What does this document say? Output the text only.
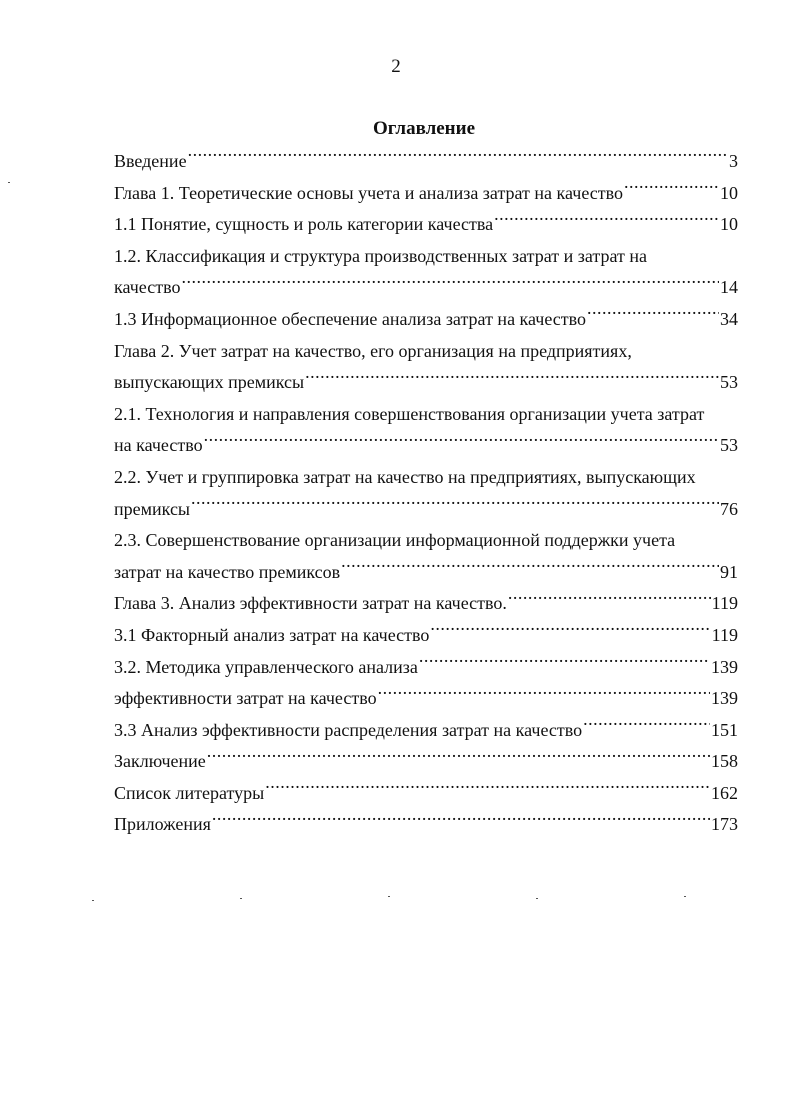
2
Оглавление
Введение .....	3
Глава 1. Теоретические основы учета и анализа затрат на качество .....	10
1.1 Понятие, сущность и роль категории качества .....	10
1.2. Классификация и структура производственных затрат и затрат на
качество .....	14
1.3 Информационное обеспечение анализа затрат на качество .....	34
Глава 2. Учет затрат на качество, его организация на предприятиях,
выпускающих премиксы .....	53
2.1. Технология и направления совершенствования организации учета затрат
на качество .....	53
2.2. Учет и группировка затрат на качество на предприятиях, выпускающих
премиксы .....	76
2.3. Совершенствование организации информационной поддержки учета
затрат на качество премиксов .....	91
Глава 3. Анализ эффективности затрат на качество. .....	119
3.1 Факторный анализ затрат на качество .....	119
3.2. Методика управленческого анализа .....	139
эффективности затрат на качество .....	139
3.3 Анализ эффективности распределения затрат на качество .....	151
Заключение .....	158
Список литературы .....	162
Приложения .....	173
